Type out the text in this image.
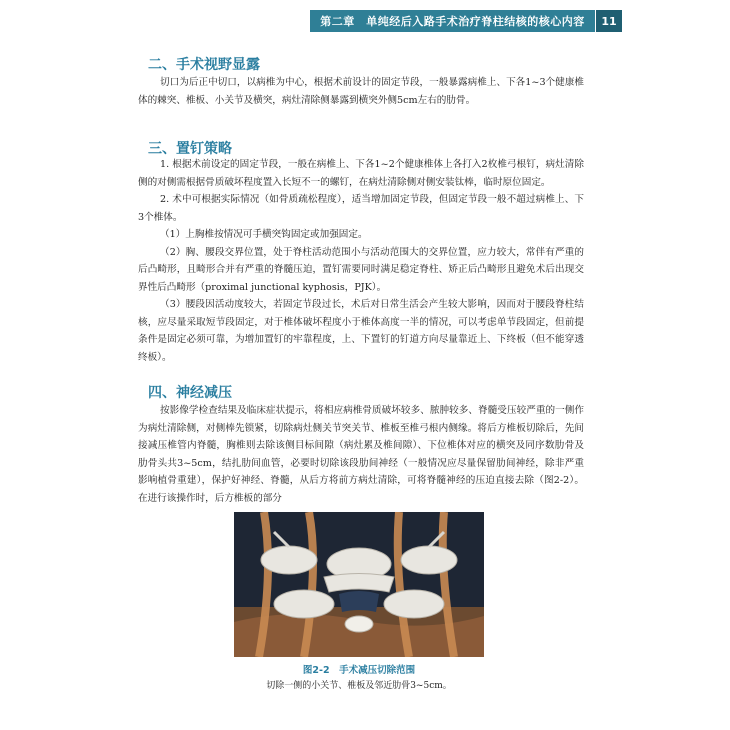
第二章　单纯经后入路手术治疗脊柱结核的核心内容	11
二、手术视野显露

切口为后正中切口，以病椎为中心，根据术前设计的固定节段，一般暴露病椎上、下各1~3个健康椎体的棘突、椎板、小关节及横突，病灶清除侧暴露到横突外侧5cm左右的肋骨。

三、置钉策略

1. 根据术前设定的固定节段，一般在病椎上、下各1~2个健康椎体上各打入2枚椎弓根钉，病灶清除侧的对侧需根据骨质破坏程度置入长短不一的螺钉，在病灶清除侧对侧安装钛棒，临时原位固定。

2. 术中可根据实际情况（如骨质疏松程度），适当增加固定节段，但固定节段一般不超过病椎上、下3个椎体。

（1）上胸椎按情况可手横突钩固定或加强固定。

（2）胸、腰段交界位置，处于脊柱活动范围小与活动范围大的交界位置，应力较大，常伴有严重的后凸畸形，且畸形合并有严重的脊髓压迫，置钉需要同时满足稳定脊柱、矫正后凸畸形且避免术后出现交界性后凸畸形（proximal junctional kyphosis，PJK）。

（3）腰段因活动度较大，若固定节段过长，术后对日常生活会产生较大影响，因而对于腰段脊柱结核，应尽量采取短节段固定，对于椎体破坏程度小于椎体高度一半的情况，可以考虑单节段固定，但前提条件是固定必须可靠，为增加置钉的牢靠程度，上、下置钉的钉道方向尽量靠近上、下终板（但不能穿透终板）。

四、神经减压

按影像学检查结果及临床症状提示，将相应病椎骨质破坏较多、脓肿较多、脊髓受压较严重的一侧作为病灶清除侧，对侧棒先锁紧，切除病灶侧关节突关节、椎板至椎弓根内侧缘。将后方椎板切除后，先间接减压椎管内脊髓，胸椎则去除该侧目标间隙（病灶累及椎间隙）、下位椎体对应的横突及同序数肋骨及肋骨头共3~5cm，结扎肋间血管，必要时切除该段肋间神经（一般情况应尽量保留肋间神经，除非严重影响植骨重建），保护好神经、脊髓，从后方将前方病灶清除，可将脊髓神经的压迫直接去除（图2-2）。在进行该操作时，后方椎板的部分

图2-2　手术减压切除范围
切除一侧的小关节、椎板及邻近肋骨3~5cm。
